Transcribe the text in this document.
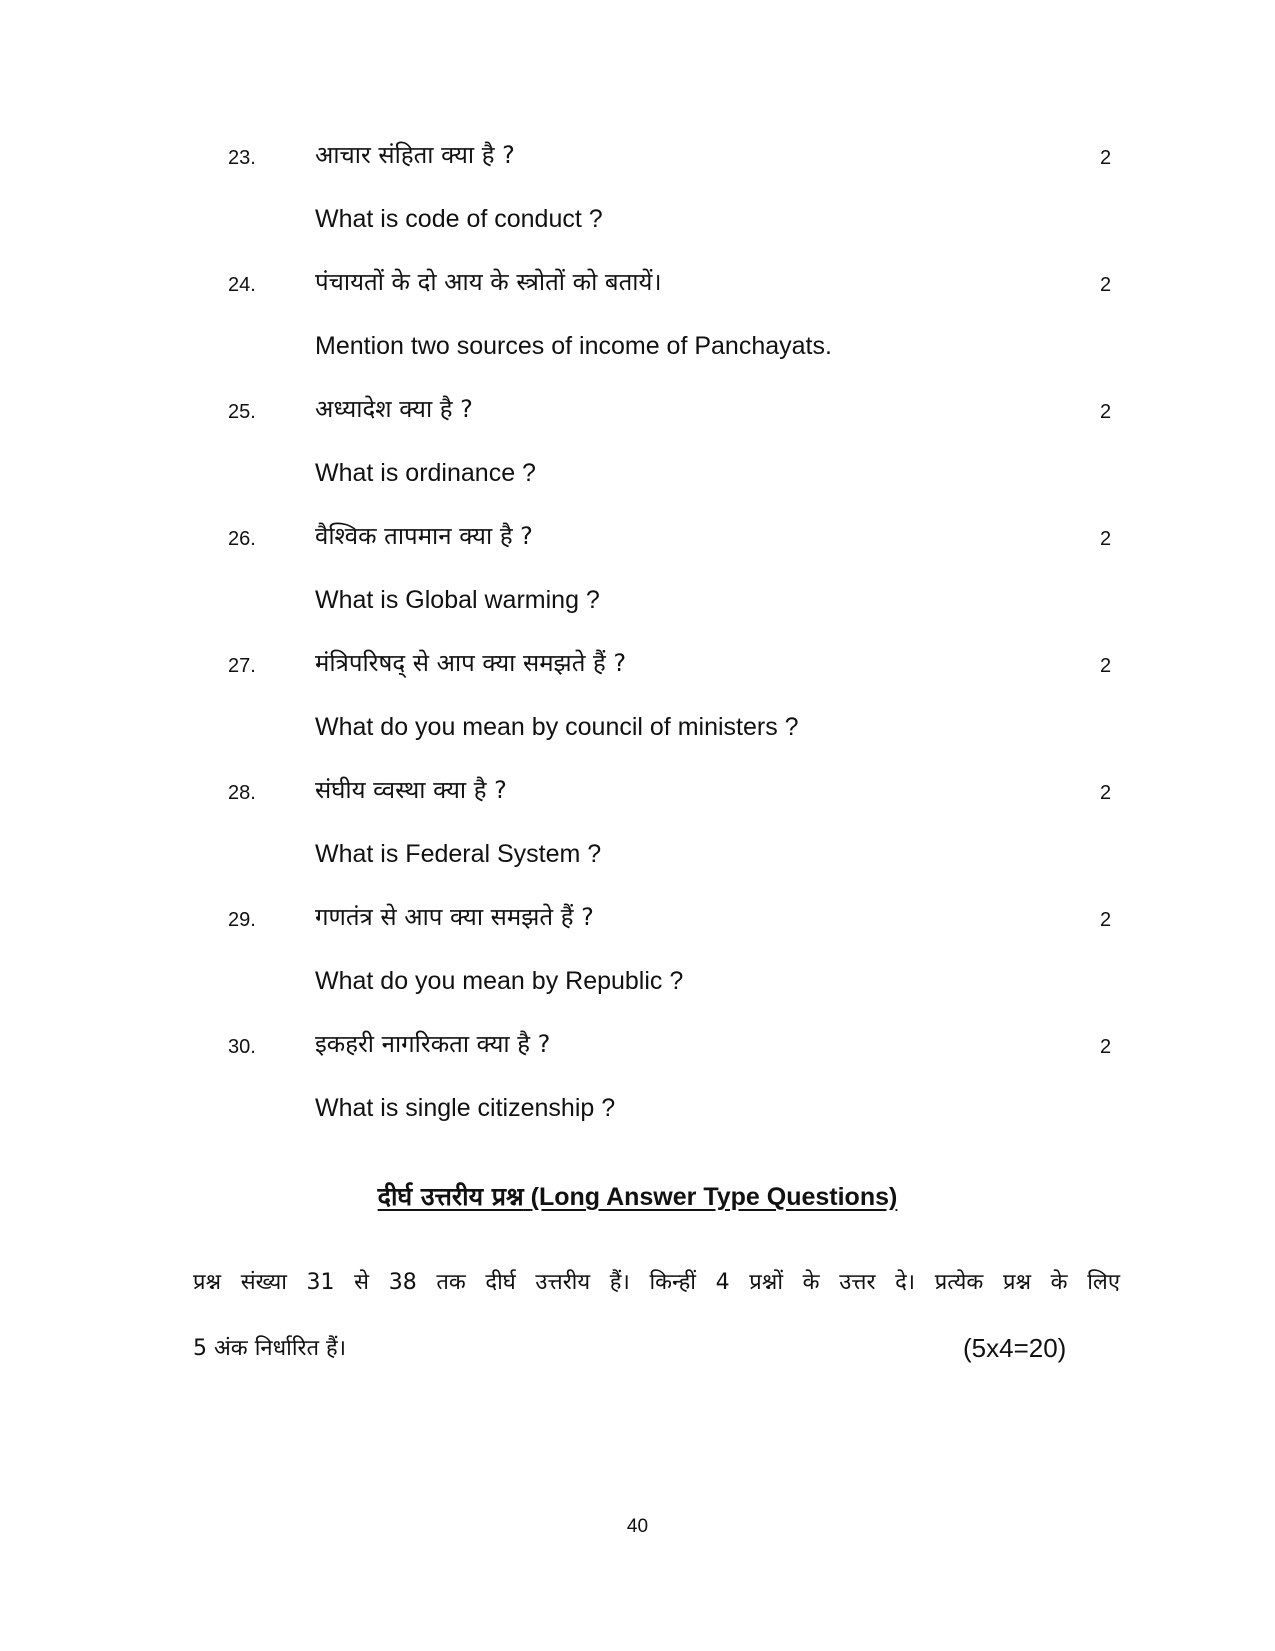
23. आचार संहिता क्या है ?	2
What is code of conduct ?
24. पंचायतों के दो आय के स्त्रोतों को बतायें।	2
Mention two sources of income of Panchayats.
25. अध्यादेश क्या है ?	2
What is ordinance ?
26. वैश्विक तापमान क्या है ?	2
What is Global warming ?
27. मंत्रिपरिषद् से आप क्या समझते हैं ?	2
What do you mean by council of ministers ?
28. संघीय व्वस्था क्या है ?	2
What is Federal System ?
29. गणतंत्र से आप क्या समझते हैं ?	2
What do you mean by Republic ?
30. इकहरी नागरिकता क्या है ?	2
What is single citizenship ?
दीर्घ उत्तरीय प्रश्न (Long Answer Type Questions)
प्रश्न संख्या 31 से 38 तक दीर्घ उत्तरीय हैं। किन्हीं 4 प्रश्नों के उत्तर दे। प्रत्येक प्रश्न के लिए
5 अंक निर्धारित हैं।	(5x4=20)
40
